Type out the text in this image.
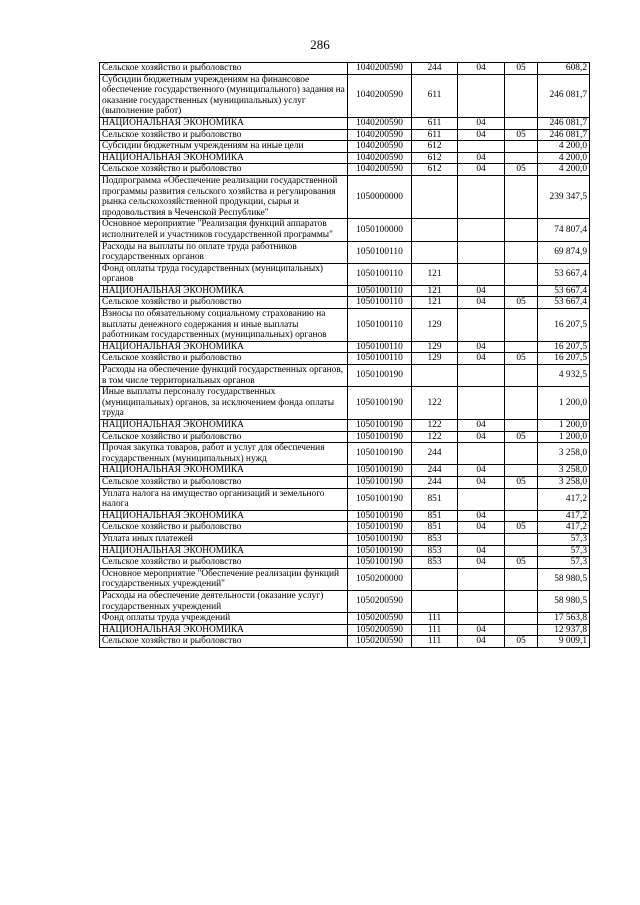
286
Сельское хозяйство и рыболовство	1040200590	244	04	05	608,2
Субсидии бюджетным учреждениям на финансовое обеспечение государственного (муниципального) задания на оказание государственных (муниципальных) услуг (выполнение работ)	1040200590	611			246 081,7
НАЦИОНАЛЬНАЯ ЭКОНОМИКА	1040200590	611	04		246 081,7
Сельское хозяйство и рыболовство	1040200590	611	04	05	246 081,7
Субсидии бюджетным учреждениям на иные цели	1040200590	612			4 200,0
НАЦИОНАЛЬНАЯ ЭКОНОМИКА	1040200590	612	04		4 200,0
Сельское хозяйство и рыболовство	1040200590	612	04	05	4 200,0
Подпрограмма «Обеспечение реализации государственной программы развития сельского хозяйства и регулирования рынка сельскохозяйственной продукции, сырья и продовольствия в Чеченской Республике"	1050000000				239 347,5
Основное мероприятие "Реализация функций аппаратов исполнителей и участников государственной программы"	1050100000				74 807,4
Расходы на выплаты по оплате труда работников государственных органов	1050100110				69 874,9
Фонд оплаты труда государственных (муниципальных) органов	1050100110	121			53 667,4
НАЦИОНАЛЬНАЯ ЭКОНОМИКА	1050100110	121	04		53 667,4
Сельское хозяйство и рыболовство	1050100110	121	04	05	53 667,4
Взносы по обязательному социальному страхованию на выплаты денежного содержания и иные выплаты работникам государственных (муниципальных) органов	1050100110	129			16 207,5
НАЦИОНАЛЬНАЯ ЭКОНОМИКА	1050100110	129	04		16 207,5
Сельское хозяйство и рыболовство	1050100110	129	04	05	16 207,5
Расходы на обеспечение функций государственных органов, в том числе территориальных органов	1050100190				4 932,5
Иные выплаты персоналу государственных (муниципальных) органов, за исключением фонда оплаты труда	1050100190	122			1 200,0
НАЦИОНАЛЬНАЯ ЭКОНОМИКА	1050100190	122	04		1 200,0
Сельское хозяйство и рыболовство	1050100190	122	04	05	1 200,0
Прочая закупка товаров, работ и услуг для обеспечения государственных (муниципальных) нужд	1050100190	244			3 258,0
НАЦИОНАЛЬНАЯ ЭКОНОМИКА	1050100190	244	04		3 258,0
Сельское хозяйство и рыболовство	1050100190	244	04	05	3 258,0
Уплата налога на имущество организаций и земельного налога	1050100190	851			417,2
НАЦИОНАЛЬНАЯ ЭКОНОМИКА	1050100190	851	04		417,2
Сельское хозяйство и рыболовство	1050100190	851	04	05	417,2
Уплата иных платежей	1050100190	853			57,3
НАЦИОНАЛЬНАЯ ЭКОНОМИКА	1050100190	853	04		57,3
Сельское хозяйство и рыболовство	1050100190	853	04	05	57,3
Основное мероприятие "Обеспечение реализации функций государственных учреждений"	1050200000				58 980,5
Расходы на обеспечение деятельности (оказание услуг) государственных учреждений	1050200590				58 980,5
Фонд оплаты труда учреждений	1050200590	111			17 563,8
НАЦИОНАЛЬНАЯ ЭКОНОМИКА	1050200590	111	04		12 937,8
Сельское хозяйство и рыболовство	1050200590	111	04	05	9 009,1
